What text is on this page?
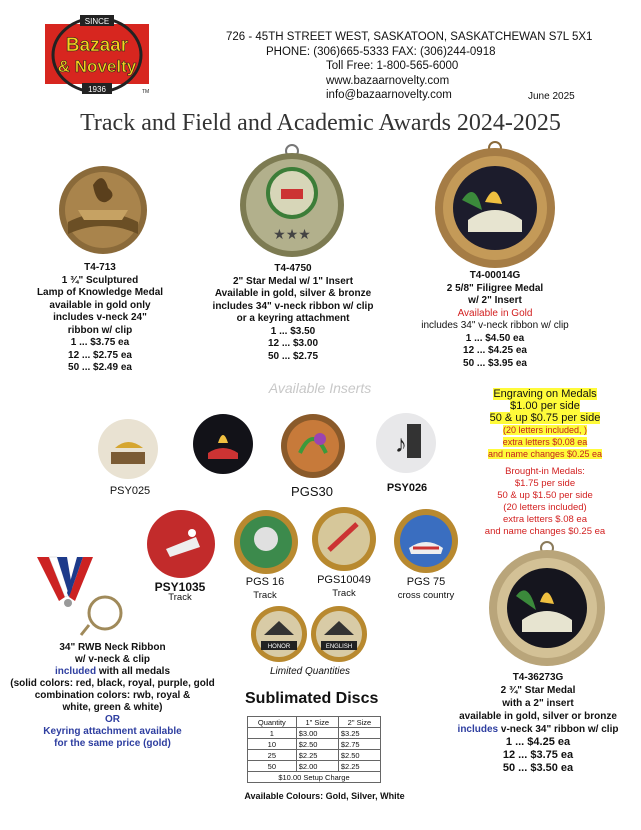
SINCE
Bazaar
& Novelty
1936	TM
726 - 45TH STREET WEST, SASKATOON, SASKATCHEWAN S7L 5X1
PHONE: (306)665-5333 FAX: (306)244-0918
Toll Free: 1-800-565-6000
www.bazaarnovelty.com
info@bazaarnovelty.com	June 2025
Track and Field and Academic Awards 2024-2025
T4-713
1 ¾" Sculptured
Lamp of Knowledge Medal
available in gold only
includes v-neck 24"
ribbon w/ clip
1 ... $3.75 ea
12 ... $2.75 ea
50 ... $2.49 ea
★★★
T4-4750
2" Star Medal w/ 1" Insert
Available in gold, silver & bronze
includes 34" v-neck ribbon w/ clip
or a keyring attachment
1 ... $3.50
12 ... $3.00
50 ... $2.75
T4-00014G
2 5/8" Filigree Medal
w/ 2" Insert
Available in Gold
includes 34" v-neck ribbon w/ clip
1 ... $4.50 ea
12 ... $4.25 ea
50 ... $3.95 ea
Available Inserts	Engraving on Medals
$1.00 per side
50 & up $0.75 per side
(20 letters included, )
extra letters $0.08 ea
and name changes $0.25 ea
Brought-in Medals:
$1.75 per side
50 & up $1.50 per side
(20 letters included)
extra letters $.08 ea
and name changes $0.25 ea
PSY025	PGS30
♪
PSY026
PSY1035
Track
PGS 16
Track
PGS10049
Track
PGS 75
cross country
HONOR	ENGLISH
Limited Quantities
34" RWB Neck Ribbon
w/ v-neck & clip
included with all medals
(solid colors: red, black, royal, purple, gold
combination colors: rwb, royal &
white, green & white)
OR
Keyring attachment available
for the same price (gold)
Sublimated Discs
Quantity	1" Size	2" Size
1	$3.00	$3.25
10	$2.50	$2.75
25	$2.25	$2.50
50	$2.00	$2.25
$10.00 Setup Charge		
Available Colours: Gold, Silver, White
T4-36273G
2 ¾" Star Medal
with a 2" insert
available in gold, silver or bronze
includes v-neck 34" ribbon w/ clip
1 ... $4.25 ea
12 ... $3.75 ea
50 ... $3.50 ea
